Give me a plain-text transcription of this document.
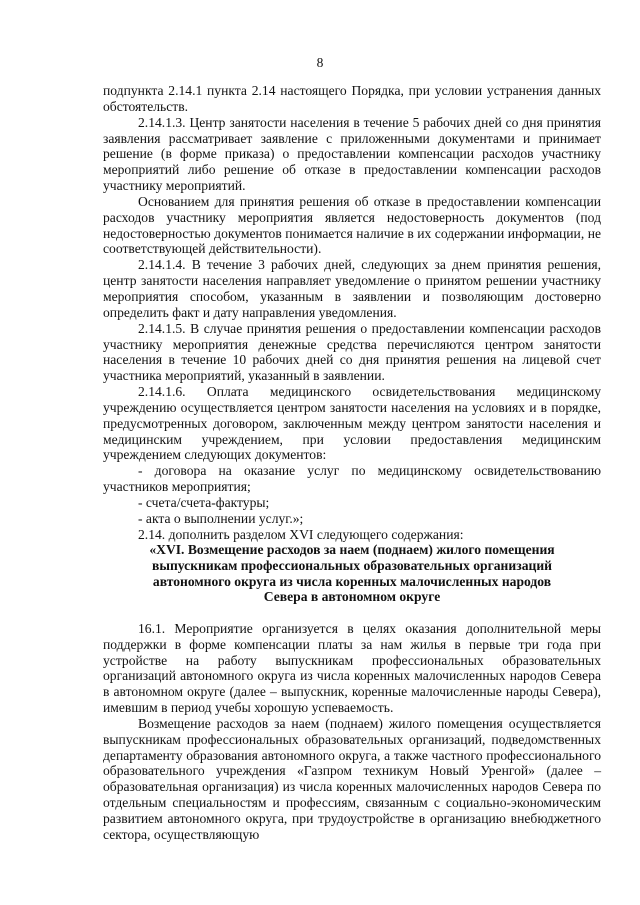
8

подпункта 2.14.1 пункта 2.14 настоящего Порядка, при условии устранения данных обстоятельств.

2.14.1.3. Центр занятости населения в течение 5 рабочих дней со дня принятия заявления рассматривает заявление с приложенными документами и принимает решение (в форме приказа) о предоставлении компенсации расходов участнику мероприятий либо решение об отказе в предоставлении компенсации расходов участнику мероприятий.

Основанием для принятия решения об отказе в предоставлении компенсации расходов участнику мероприятия является недостоверность документов (под недостоверностью документов понимается наличие в их содержании информации, не соответствующей действительности).

2.14.1.4. В течение 3 рабочих дней, следующих за днем принятия решения, центр занятости населения направляет уведомление о принятом решении участнику мероприятия способом, указанным в заявлении и позволяющим достоверно определить факт и дату направления уведомления.

2.14.1.5. В случае принятия решения о предоставлении компенсации расходов участнику мероприятия денежные средства перечисляются центром занятости населения в течение 10 рабочих дней со дня принятия решения на лицевой счет участника мероприятий, указанный в заявлении.

2.14.1.6. Оплата медицинского освидетельствования медицинскому учреждению осуществляется центром занятости населения на условиях и в порядке, предусмотренных договором, заключенным между центром занятости населения и медицинским учреждением, при условии предоставления медицинским учреждением следующих документов:

- договора на оказание услуг по медицинскому освидетельствованию участников мероприятия;

- счета/счета-фактуры;

- акта о выполнении услуг.»;

2.14. дополнить разделом XVI следующего содержания:

«XVI. Возмещение расходов за наем (поднаем) жилого помещения
выпускникам профессиональных образовательных организаций
автономного округа из числа коренных малочисленных народов
Севера в автономном округе

16.1. Мероприятие организуется в целях оказания дополнительной меры поддержки в форме компенсации платы за нам жилья в первые три года при устройстве на работу выпускникам профессиональных образовательных организаций автономного округа из числа коренных малочисленных народов Севера в автономном округе (далее – выпускник, коренные малочисленные народы Севера), имевшим в период учебы хорошую успеваемость.

Возмещение расходов за наем (поднаем) жилого помещения осуществляется выпускникам профессиональных образовательных организаций, подведомственных департаменту образования автономного округа, а также частного профессионального образовательного учреждения «Газпром техникум Новый Уренгой» (далее – образовательная организация) из числа коренных малочисленных народов Севера по отдельным специальностям и профессиям, связанным с социально-экономическим развитием автономного округа, при трудоустройстве в организацию внебюджетного сектора, осуществляющую
